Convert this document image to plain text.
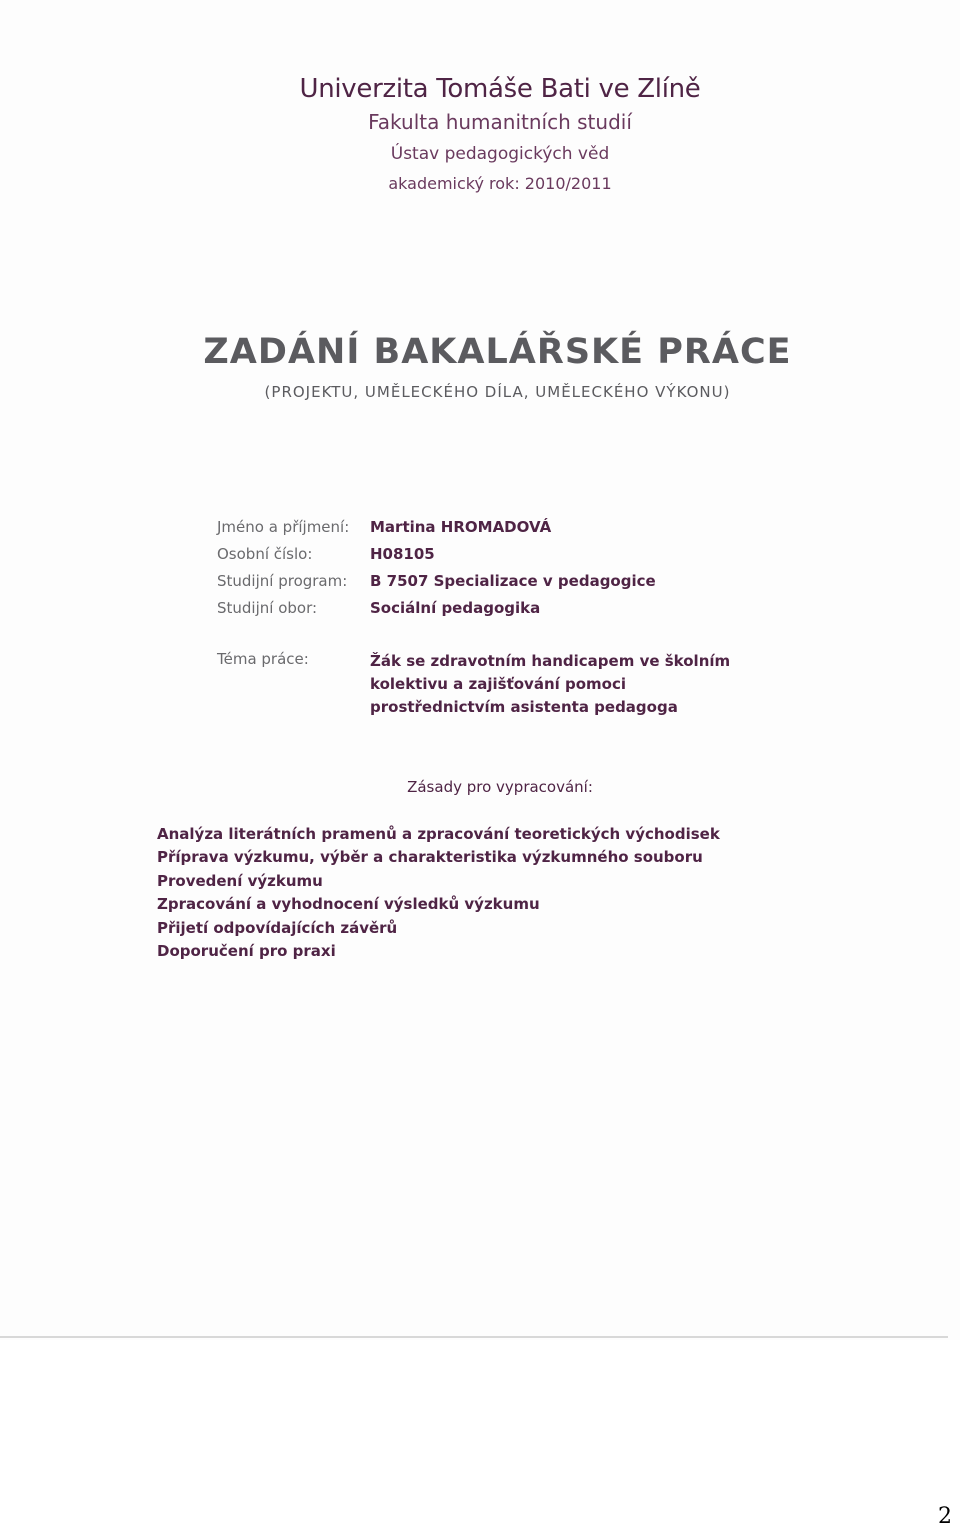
Univerzita Tomáše Bati ve Zlíně
Fakulta humanitních studií
Ústav pedagogických věd
akademický rok: 2010/2011
ZADÁNÍ BAKALÁŘSKÉ PRÁCE
(PROJEKTU, UMĚLECKÉHO DÍLA, UMĚLECKÉHO VÝKONU)
Jméno a příjmení:	Martina HROMADOVÁ
Osobní číslo:	H08105
Studijní program:	B 7507 Specializace v pedagogice
Studijní obor:	Sociální pedagogika
Téma práce:	Žák se zdravotním handicapem ve školním kolektivu a zajišťování pomoci prostřednictvím asistenta pedagoga
Zásady pro vypracování:
Analýza literátních pramenů a zpracování teoretických východisek
Příprava výzkumu, výběr a charakteristika výzkumného souboru
Provedení výzkumu
Zpracování a vyhodnocení výsledků výzkumu
Přijetí odpovídajících závěrů
Doporučení pro praxi
2
